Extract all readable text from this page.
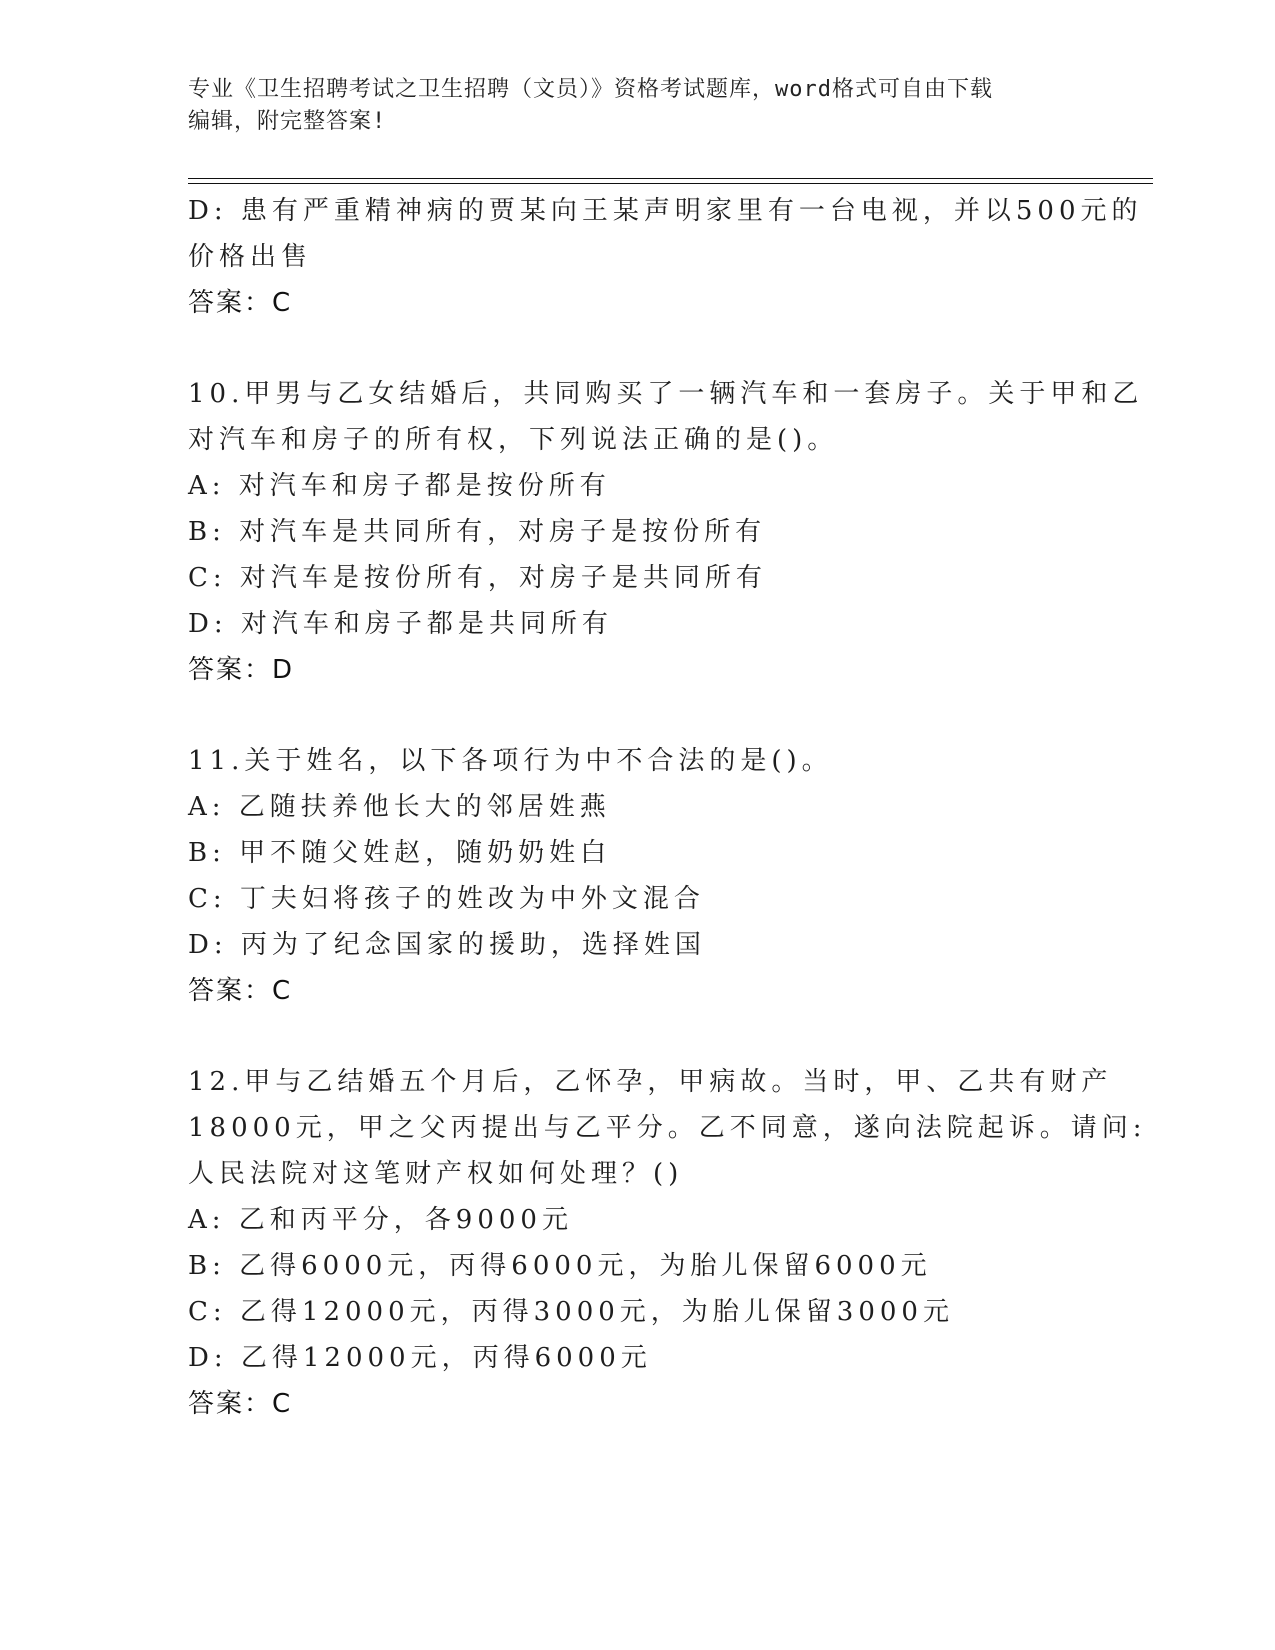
专业《卫生招聘考试之卫生招聘（文员）》资格考试题库，word格式可自由下载
编辑，附完整答案!
D: 患有严重精神病的贾某向王某声明家里有一台电视，并以500元的
价格出售
答案：C
10.甲男与乙女结婚后，共同购买了一辆汽车和一套房子。关于甲和乙
对汽车和房子的所有权，下列说法正确的是()。
A: 对汽车和房子都是按份所有
B: 对汽车是共同所有，对房子是按份所有
C: 对汽车是按份所有，对房子是共同所有
D: 对汽车和房子都是共同所有
答案：D
11.关于姓名，以下各项行为中不合法的是()。
A: 乙随扶养他长大的邻居姓燕
B: 甲不随父姓赵，随奶奶姓白
C: 丁夫妇将孩子的姓改为中外文混合
D: 丙为了纪念国家的援助，选择姓国
答案：C
12.甲与乙结婚五个月后，乙怀孕，甲病故。当时，甲、乙共有财产
18000元，甲之父丙提出与乙平分。乙不同意，遂向法院起诉。请问:
人民法院对这笔财产权如何处理？()
A: 乙和丙平分，各9000元
B: 乙得6000元，丙得6000元，为胎儿保留6000元
C: 乙得12000元，丙得3000元，为胎儿保留3000元
D: 乙得12000元，丙得6000元
答案：C
